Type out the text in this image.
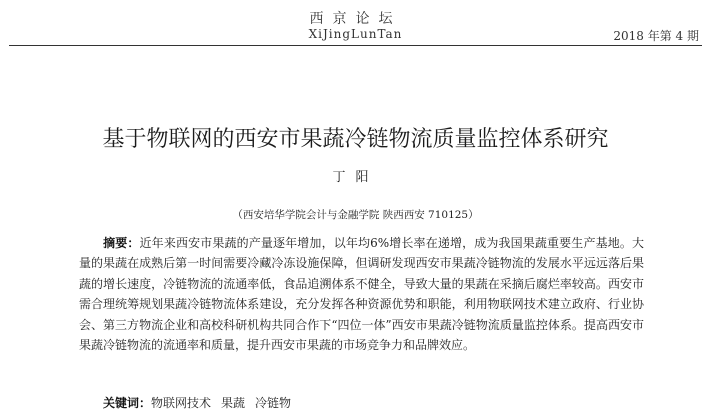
西京论坛
XiJingLunTan	2018 年第 4 期
基于物联网的西安市果蔬冷链物流质量监控体系研究
丁阳
（西安培华学院会计与金融学院 陕西西安 710125）

摘要：近年来西安市果蔬的产量逐年增加，以年均6%增长率在递增，成为我国果蔬重要生产基地。大量的果蔬在成熟后第一时间需要冷藏冷冻设施保障，但调研发现西安市果蔬冷链物流的发展水平远远落后果蔬的增长速度，冷链物流的流通率低，食品追溯体系不健全，导致大量的果蔬在采摘后腐烂率较高。西安市需合理统筹规划果蔬冷链物流体系建设，充分发挥各种资源优势和职能，利用物联网技术建立政府、行业协会、第三方物流企业和高校科研机构共同合作下“四位一体”西安市果蔬冷链物流质量监控体系。提高西安市果蔬冷链物流的流通率和质量，提升西安市果蔬的市场竞争力和品牌效应。

关键词：物联网技术 果蔬 冷链物
